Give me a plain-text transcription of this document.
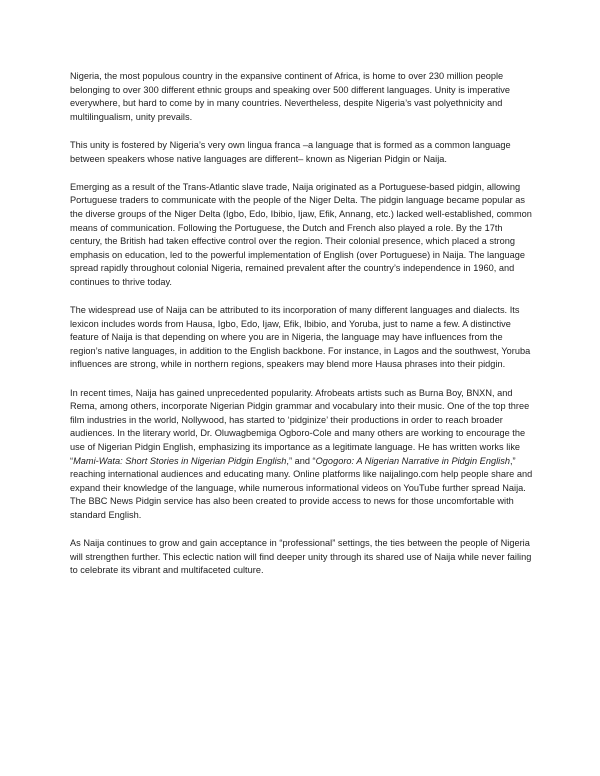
Nigeria, the most populous country in the expansive continent of Africa, is home to over 230 million people belonging to over 300 different ethnic groups and speaking over 500 different languages. Unity is imperative everywhere, but hard to come by in many countries. Nevertheless, despite Nigeria’s vast polyethnicity and multilingualism, unity prevails.

This unity is fostered by Nigeria’s very own lingua franca –a language that is formed as a common language between speakers whose native languages are different– known as Nigerian Pidgin or Naija.

Emerging as a result of the Trans-Atlantic slave trade, Naija originated as a Portuguese-based pidgin, allowing Portuguese traders to communicate with the people of the Niger Delta. The pidgin language became popular as the diverse groups of the Niger Delta (Igbo, Edo, Ibibio, Ijaw, Efik, Annang, etc.) lacked well-established, common means of communication. Following the Portuguese, the Dutch and French also played a role. By the 17th century, the British had taken effective control over the region. Their colonial presence, which placed a strong emphasis on education, led to the powerful implementation of English (over Portuguese) in Naija. The language spread rapidly throughout colonial Nigeria, remained prevalent after the country’s independence in 1960, and continues to thrive today.

The widespread use of Naija can be attributed to its incorporation of many different languages and dialects. Its lexicon includes words from Hausa, Igbo, Edo, Ijaw, Efik, Ibibio, and Yoruba, just to name a few. A distinctive feature of Naija is that depending on where you are in Nigeria, the language may have influences from the region’s native languages, in addition to the English backbone. For instance, in Lagos and the southwest, Yoruba influences are strong, while in northern regions, speakers may blend more Hausa phrases into their pidgin.

In recent times, Naija has gained unprecedented popularity. Afrobeats artists such as Burna Boy, BNXN, and Rema, among others, incorporate Nigerian Pidgin grammar and vocabulary into their music. One of the top three film industries in the world, Nollywood, has started to ‘pidginize’ their productions in order to reach broader audiences. In the literary world, Dr. Oluwagbemiga Ogboro-Cole and many others are working to encourage the use of Nigerian Pidgin English, emphasizing its importance as a legitimate language. He has written works like “Mami-Wata: Short Stories in Nigerian Pidgin English,” and “Ogogoro: A Nigerian Narrative in Pidgin English,” reaching international audiences and educating many. Online platforms like naijalingo.com help people share and expand their knowledge of the language, while numerous informational videos on YouTube further spread Naija. The BBC News Pidgin service has also been created to provide access to news for those uncomfortable with standard English.

As Naija continues to grow and gain acceptance in “professional” settings, the ties between the people of Nigeria will strengthen further. This eclectic nation will find deeper unity through its shared use of Naija while never failing to celebrate its vibrant and multifaceted culture.
